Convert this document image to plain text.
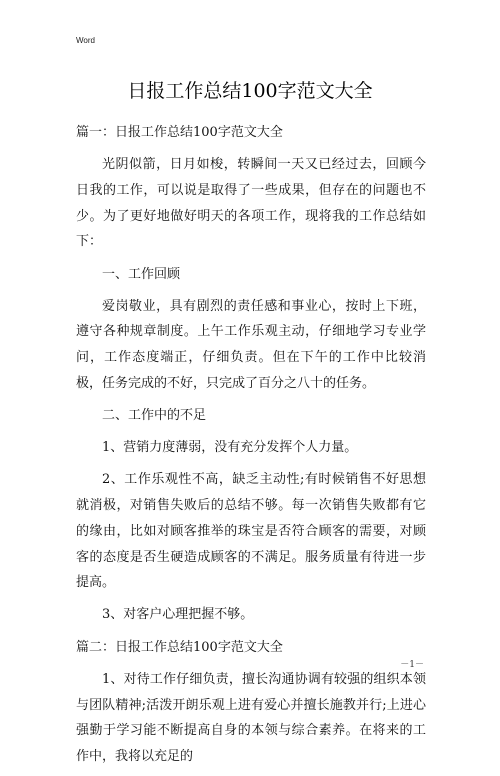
Word
日报工作总结100字范文大全

篇一：日报工作总结100字范文大全

光阴似箭，日月如梭，转瞬间一天又已经过去，回顾今日我的工作，可以说是取得了一些成果，但存在的问题也不少。为了更好地做好明天的各项工作，现将我的工作总结如下：

一、工作回顾

爱岗敬业，具有剧烈的责任感和事业心，按时上下班，遵守各种规章制度。上午工作乐观主动，仔细地学习专业学问，工作态度端正，仔细负责。但在下午的工作中比较消极，任务完成的不好，只完成了百分之八十的任务。

二、工作中的不足

1、营销力度薄弱，没有充分发挥个人力量。

2、工作乐观性不高，缺乏主动性;有时候销售不好思想就消极，对销售失败后的总结不够。每一次销售失败都有它的缘由，比如对顾客推举的珠宝是否符合顾客的需要，对顾客的态度是否生硬造成顾客的不满足。服务质量有待进一步提高。

3、对客户心理把握不够。

篇二：日报工作总结100字范文大全

1、对待工作仔细负责，擅长沟通协调有较强的组织本领与团队精神;活泼开朗乐观上进有爱心并擅长施教并行;上进心强勤于学习能不断提高自身的本领与综合素养。在将来的工作中，我将以充足的

－1－
